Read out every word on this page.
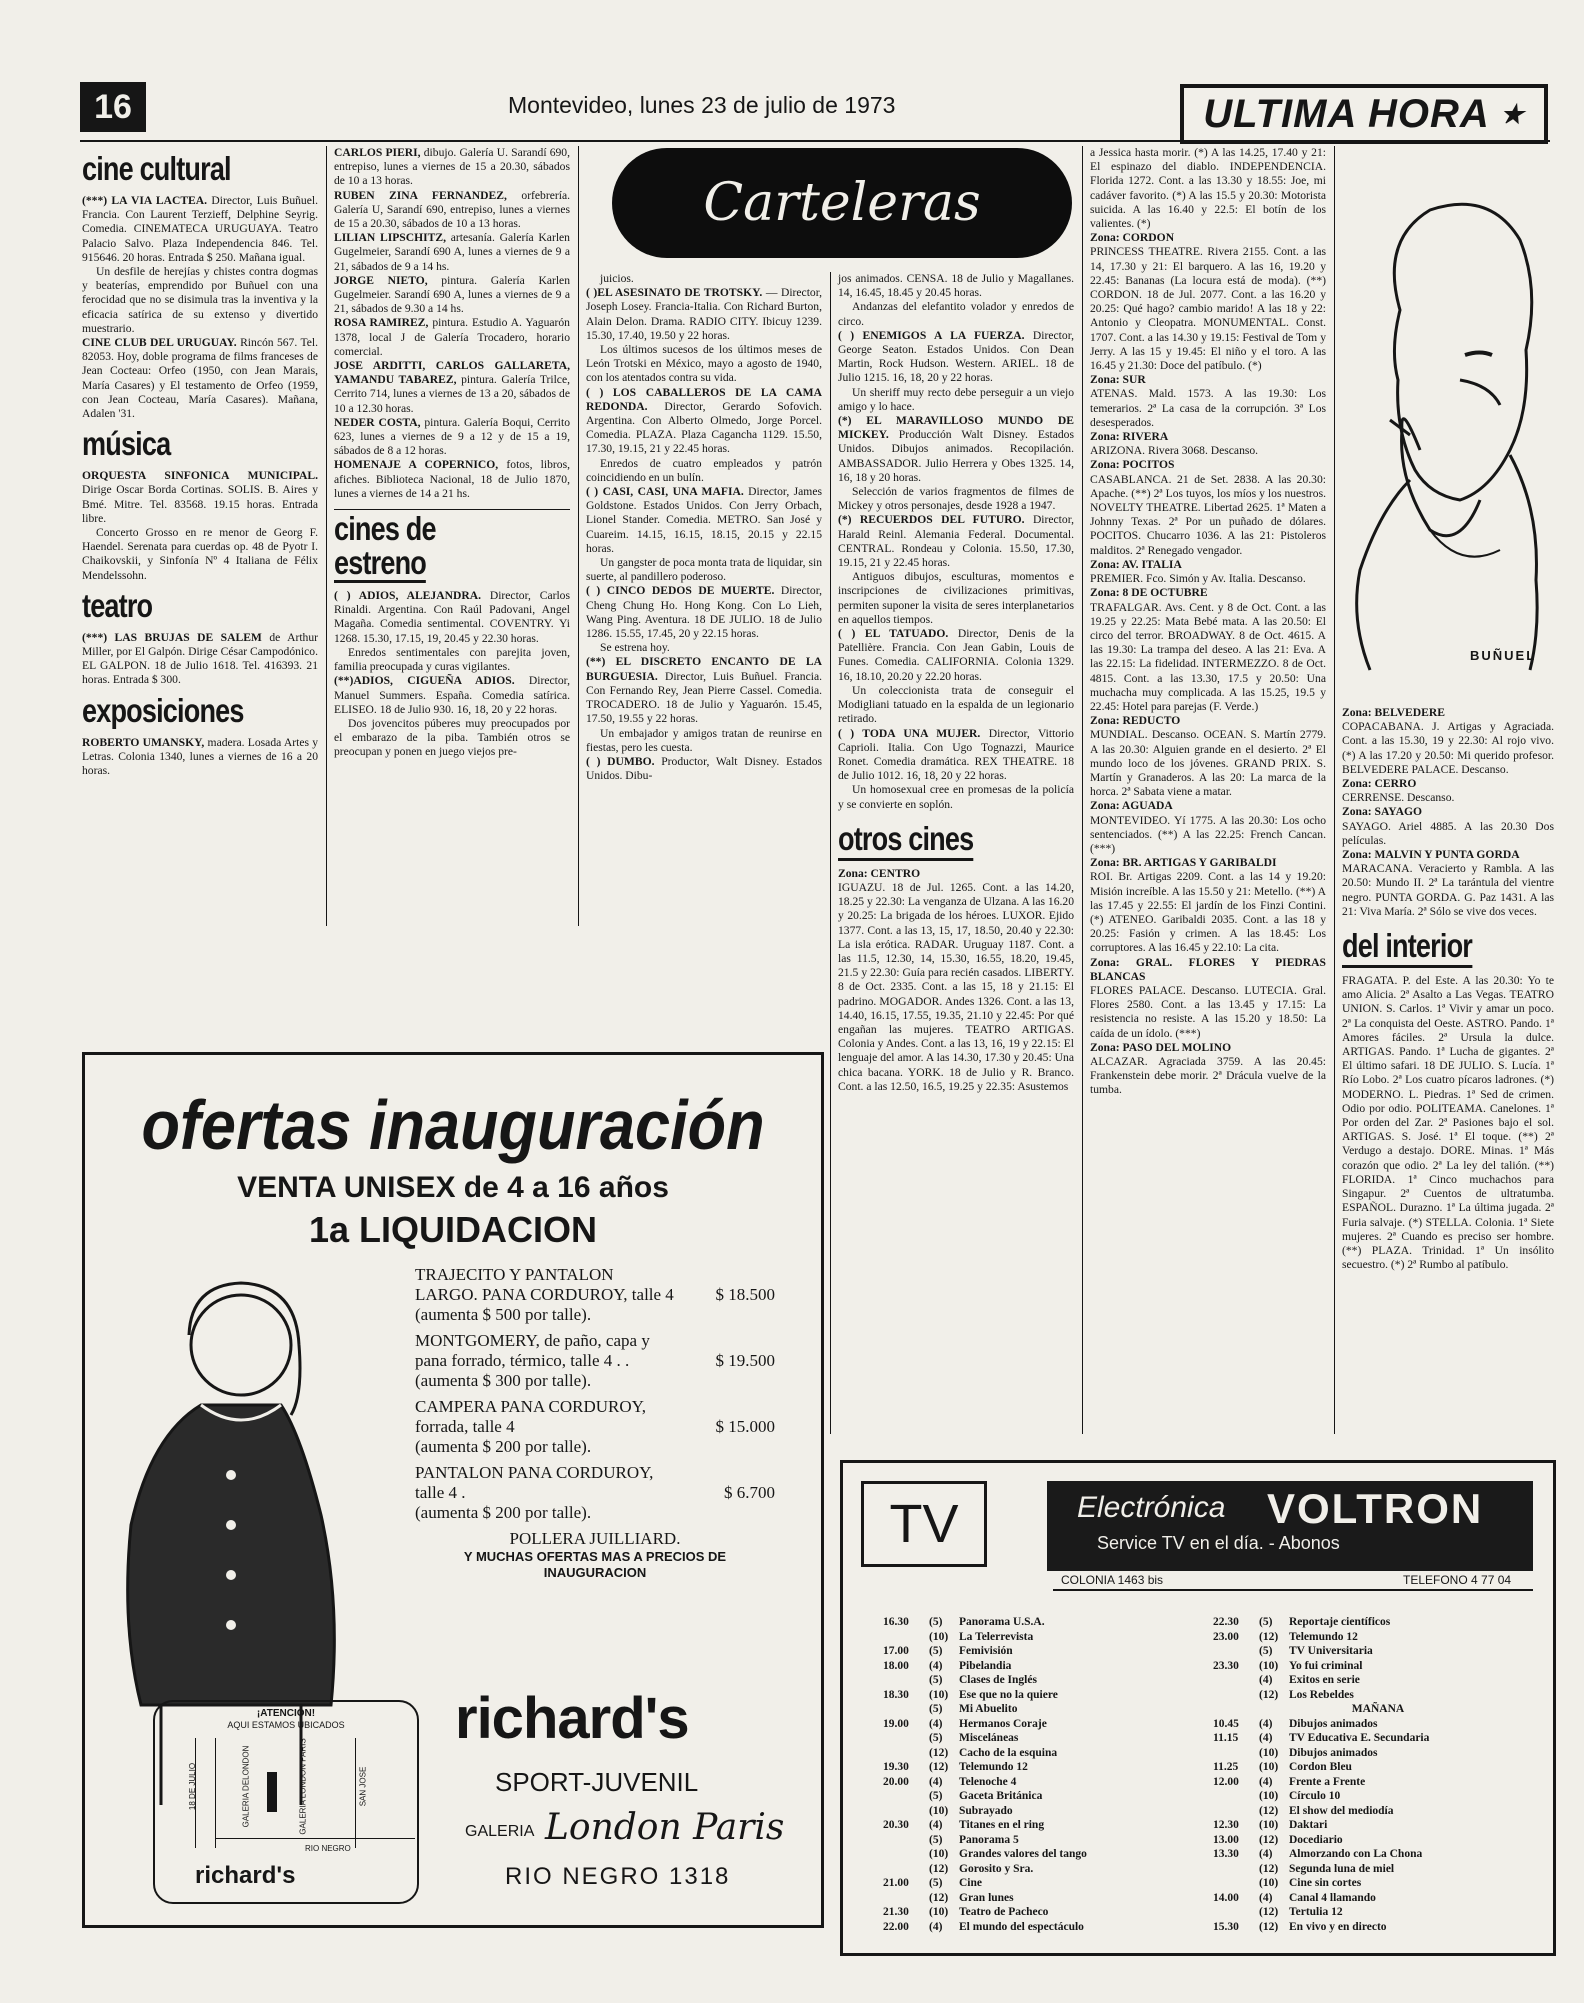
16	Montevideo, lunes 23 de julio de 1973	ULTIMA HORA ★
cine cultural

(***) LA VIA LACTEA. Director, Luis Buñuel. Francia. Con Laurent Terzieff, Delphine Seyrig. Comedia. CINEMATECA URUGUAYA. Teatro Palacio Salvo. Plaza Independencia 846. Tel. 915646. 20 horas. Entrada $ 250. Mañana igual.

Un desfile de herejías y chistes contra dogmas y beaterías, emprendido por Buñuel con una ferocidad que no se disimula tras la inventiva y la eficacia satírica de su extenso y divertido muestrario.

CINE CLUB DEL URUGUAY. Rincón 567. Tel. 82053. Hoy, doble programa de films franceses de Jean Cocteau: Orfeo (1950, con Jean Marais, María Casares) y El testamento de Orfeo (1959, con Jean Cocteau, María Casares). Mañana, Adalen '31.

música

ORQUESTA SINFONICA MUNICIPAL. Dirige Oscar Borda Cortinas. SOLIS. B. Aires y Bmé. Mitre. Tel. 83568. 19.15 horas. Entrada libre.

Concerto Grosso en re menor de Georg F. Haendel. Serenata para cuerdas op. 48 de Pyotr I. Chaikovskii, y Sinfonía Nº 4 Italiana de Félix Mendelssohn.

teatro

(***) LAS BRUJAS DE SALEM de Arthur Miller, por El Galpón. Dirige César Campodónico. EL GALPON. 18 de Julio 1618. Tel. 416393. 21 horas. Entrada $ 300.

exposiciones

ROBERTO UMANSKY, madera. Losada Artes y Letras. Colonia 1340, lunes a viernes de 16 a 20 horas.

CARLOS PIERI, dibujo. Galería U. Sarandí 690, entrepiso, lunes a viernes de 15 a 20.30, sábados de 10 a 13 horas.

RUBEN ZINA FERNANDEZ, orfebrería. Galería U, Sarandí 690, entrepiso, lunes a viernes de 15 a 20.30, sábados de 10 a 13 horas.

LILIAN LIPSCHITZ, artesanía. Galería Karlen Gugelmeier, Sarandí 690 A, lunes a viernes de 9 a 21, sábados de 9 a 14 hs.

JORGE NIETO, pintura. Galería Karlen Gugelmeier. Sarandí 690 A, lunes a viernes de 9 a 21, sábados de 9.30 a 14 hs.

ROSA RAMIREZ, pintura. Estudio A. Yaguarón 1378, local J de Galería Trocadero, horario comercial.

JOSE ARDITTI, CARLOS GALLARETA, YAMANDU TABAREZ, pintura. Galería Trilce, Cerrito 714, lunes a viernes de 13 a 20, sábados de 10 a 12.30 horas.

NEDER COSTA, pintura. Galería Boqui, Cerrito 623, lunes a viernes de 9 a 12 y de 15 a 19, sábados de 8 a 12 horas.

HOMENAJE A COPERNICO, fotos, libros, afiches. Biblioteca Nacional, 18 de Julio 1870, lunes a viernes de 14 a 21 hs.

cines de
estreno

( ) ADIOS, ALEJANDRA. Director, Carlos Rinaldi. Argentina. Con Raúl Padovani, Angel Magaña. Comedia sentimental. COVENTRY. Yi 1268. 15.30, 17.15, 19, 20.45 y 22.30 horas.

Enredos sentimentales con parejita joven, familia preocupada y curas vigilantes.

(**)ADIOS, CIGUEÑA ADIOS. Director, Manuel Summers. España. Comedia satírica. ELISEO. 18 de Julio 930. 16, 18, 20 y 22 horas.

Dos jovencitos púberes muy preocupados por el embarazo de la piba. También otros se preocupan y ponen en juego viejos pre-

Carteleras

juicios.

( )EL ASESINATO DE TROTSKY. — Director, Joseph Losey. Francia-Italia. Con Richard Burton, Alain Delon. Drama. RADIO CITY. Ibicuy 1239. 15.30, 17.40, 19.50 y 22 horas.

Los últimos sucesos de los últimos meses de León Trotski en México, mayo a agosto de 1940, con los atentados contra su vida.

( ) LOS CABALLEROS DE LA CAMA REDONDA. Director, Gerardo Sofovich. Argentina. Con Alberto Olmedo, Jorge Porcel. Comedia. PLAZA. Plaza Cagancha 1129. 15.50, 17.30, 19.15, 21 y 22.45 horas.

Enredos de cuatro empleados y patrón coincidiendo en un bulín.

( ) CASI, CASI, UNA MAFIA. Director, James Goldstone. Estados Unidos. Con Jerry Orbach, Lionel Stander. Comedia. METRO. San José y Cuareim. 14.15, 16.15, 18.15, 20.15 y 22.15 horas.

Un gangster de poca monta trata de liquidar, sin suerte, al pandillero poderoso.

( ) CINCO DEDOS DE MUERTE. Director, Cheng Chung Ho. Hong Kong. Con Lo Lieh, Wang Ping. Aventura. 18 DE JULIO. 18 de Julio 1286. 15.55, 17.45, 20 y 22.15 horas.

Se estrena hoy.

(**) EL DISCRETO ENCANTO DE LA BURGUESIA. Director, Luis Buñuel. Francia. Con Fernando Rey, Jean Pierre Cassel. Comedia. TROCADERO. 18 de Julio y Yaguarón. 15.45, 17.50, 19.55 y 22 horas.

Un embajador y amigos tratan de reunirse en fiestas, pero les cuesta.

( ) DUMBO. Productor, Walt Disney. Estados Unidos. Dibu-

jos animados. CENSA. 18 de Julio y Magallanes. 14, 16.45, 18.45 y 20.45 horas.

Andanzas del elefantito volador y enredos de circo.

( ) ENEMIGOS A LA FUERZA. Director, George Seaton. Estados Unidos. Con Dean Martin, Rock Hudson. Western. ARIEL. 18 de Julio 1215. 16, 18, 20 y 22 horas.

Un sheriff muy recto debe perseguir a un viejo amigo y lo hace.

(*) EL MARAVILLOSO MUNDO DE MICKEY. Producción Walt Disney. Estados Unidos. Dibujos animados. Recopilación. AMBASSADOR. Julio Herrera y Obes 1325. 14, 16, 18 y 20 horas.

Selección de varios fragmentos de filmes de Mickey y otros personajes, desde 1928 a 1947.

(*) RECUERDOS DEL FUTURO. Director, Harald Reinl. Alemania Federal. Documental. CENTRAL. Rondeau y Colonia. 15.50, 17.30, 19.15, 21 y 22.45 horas.

Antiguos dibujos, esculturas, momentos e inscripciones de civilizaciones primitivas, permiten suponer la visita de seres interplanetarios en aquellos tiempos.

( ) EL TATUADO. Director, Denis de la Patellière. Francia. Con Jean Gabin, Louis de Funes. Comedia. CALIFORNIA. Colonia 1329. 16, 18.10, 20.20 y 22.20 horas.

Un coleccionista trata de conseguir el Modigliani tatuado en la espalda de un legionario retirado.

( ) TODA UNA MUJER. Director, Vittorio Caprioli. Italia. Con Ugo Tognazzi, Maurice Ronet. Comedia dramática. REX THEATRE. 18 de Julio 1012. 16, 18, 20 y 22 horas.

Un homosexual cree en promesas de la policía y se convierte en soplón.

otros cines

Zona: CENTRO

IGUAZU. 18 de Jul. 1265. Cont. a las 14.20, 18.25 y 22.30: La venganza de Ulzana. A las 16.20 y 20.25: La brigada de los héroes. LUXOR. Ejido 1377. Cont. a las 13, 15, 17, 18.50, 20.40 y 22.30: La isla erótica. RADAR. Uruguay 1187. Cont. a las 11.5, 12.30, 14, 15.30, 16.55, 18.20, 19.45, 21.5 y 22.30: Guía para recién casados. LIBERTY. 8 de Oct. 2335. Cont. a las 15, 18 y 21.15: El padrino. MOGADOR. Andes 1326. Cont. a las 13, 14.40, 16.15, 17.55, 19.35, 21.10 y 22.45: Por qué engañan las mujeres. TEATRO ARTIGAS. Colonia y Andes. Cont. a las 13, 16, 19 y 22.15: El lenguaje del amor. A las 14.30, 17.30 y 20.45: Una chica bacana. YORK. 18 de Julio y R. Branco. Cont. a las 12.50, 16.5, 19.25 y 22.35: Asustemos

a Jessica hasta morir. (*) A las 14.25, 17.40 y 21: El espinazo del diablo. INDEPENDENCIA. Florida 1272. Cont. a las 13.30 y 18.55: Joe, mi cadáver favorito. (*) A las 15.5 y 20.30: Motorista suicida. A las 16.40 y 22.5: El botín de los valientes. (*)

Zona: CORDON

PRINCESS THEATRE. Rivera 2155. Cont. a las 14, 17.30 y 21: El barquero. A las 16, 19.20 y 22.45: Bananas (La locura está de moda). (**) CORDON. 18 de Jul. 2077. Cont. a las 16.20 y 20.25: Qué hago? cambio marido! A las 18 y 22: Antonio y Cleopatra. MONUMENTAL. Const. 1707. Cont. a las 14.30 y 19.15: Festival de Tom y Jerry. A las 15 y 19.45: El niño y el toro. A las 16.45 y 21.30: Doce del patíbulo. (*)

Zona: SUR

ATENAS. Mald. 1573. A las 19.30: Los temerarios. 2ª La casa de la corrupción. 3ª Los desesperados.

Zona: RIVERA

ARIZONA. Rivera 3068. Descanso.

Zona: POCITOS

CASABLANCA. 21 de Set. 2838. A las 20.30: Apache. (**) 2ª Los tuyos, los míos y los nuestros. NOVELTY THEATRE. Libertad 2625. 1ª Maten a Johnny Texas. 2ª Por un puñado de dólares. POCITOS. Chucarro 1036. A las 21: Pistoleros malditos. 2ª Renegado vengador.

Zona: AV. ITALIA

PREMIER. Fco. Simón y Av. Italia. Descanso.

Zona: 8 DE OCTUBRE

TRAFALGAR. Avs. Cent. y 8 de Oct. Cont. a las 19.25 y 22.25: Mata Bebé mata. A las 20.50: El circo del terror. BROADWAY. 8 de Oct. 4615. A las 19.30: La trampa del deseo. A las 21: Eva. A las 22.15: La fidelidad. INTERMEZZO. 8 de Oct. 4815. Cont. a las 13.30, 17.5 y 20.50: Una muchacha muy complicada. A las 15.25, 19.5 y 22.45: Hotel para parejas (F. Verde.)

Zona: REDUCTO

MUNDIAL. Descanso. OCEAN. S. Martín 2779. A las 20.30: Alguien grande en el desierto. 2ª El mundo loco de los jóvenes. GRAND PRIX. S. Martín y Granaderos. A las 20: La marca de la horca. 2ª Sabata viene a matar.

Zona: AGUADA

MONTEVIDEO. Yí 1775. A las 20.30: Los ocho sentenciados. (**) A las 22.25: French Cancan. (***)

Zona: BR. ARTIGAS Y GARIBALDI

ROI. Br. Artigas 2209. Cont. a las 14 y 19.20: Misión increíble. A las 15.50 y 21: Metello. (**) A las 17.45 y 22.55: El jardín de los Finzi Contini. (*) ATENEO. Garibaldi 2035. Cont. a las 18 y 20.25: Fasión y crimen. A las 18.45: Los corruptores. A las 16.45 y 22.10: La cita.

Zona: GRAL. FLORES Y PIEDRAS BLANCAS

FLORES PALACE. Descanso. LUTECIA. Gral. Flores 2580. Cont. a las 13.45 y 17.15: La resistencia no resiste. A las 15.20 y 18.50: La caída de un ídolo. (***)

Zona: PASO DEL MOLINO

ALCAZAR. Agraciada 3759. A las 20.45: Frankenstein debe morir. 2ª Drácula vuelve de la tumba.

BUÑUEL

Zona: BELVEDERE

COPACABANA. J. Artigas y Agraciada. Cont. a las 15.30, 19 y 22.30: Al rojo vivo. (*) A las 17.20 y 20.50: Mi querido profesor. BELVEDERE PALACE. Descanso.

Zona: CERRO

CERRENSE. Descanso.

Zona: SAYAGO

SAYAGO. Ariel 4885. A las 20.30 Dos películas.

Zona: MALVIN Y PUNTA GORDA

MARACANA. Veracierto y Rambla. A las 20.50: Mundo II. 2ª La tarántula del vientre negro. PUNTA GORDA. G. Paz 1431. A las 21: Viva María. 2ª Sólo se vive dos veces.

del interior

FRAGATA. P. del Este. A las 20.30: Yo te amo Alicia. 2ª Asalto a Las Vegas. TEATRO UNION. S. Carlos. 1ª Vivir y amar un poco. 2ª La conquista del Oeste. ASTRO. Pando. 1ª Amores fáciles. 2ª Ursula la dulce. ARTIGAS. Pando. 1ª Lucha de gigantes. 2ª El último safari. 18 DE JULIO. S. Lucía. 1ª Río Lobo. 2ª Los cuatro pícaros ladrones. (*) MODERNO. L. Piedras. 1ª Sed de crimen. Odio por odio. POLITEAMA. Canelones. 1ª Por orden del Zar. 2ª Pasiones bajo el sol. ARTIGAS. S. José. 1ª El toque. (**) 2ª Verdugo a destajo. DORE. Minas. 1ª Más corazón que odio. 2ª La ley del talión. (**) FLORIDA. 1ª Cinco muchachos para Singapur. 2ª Cuentos de ultratumba. ESPAÑOL. Durazno. 1ª La última jugada. 2ª Furia salvaje. (*) STELLA. Colonia. 1ª Siete mujeres. 2ª Cuando es preciso ser hombre. (**) PLAZA. Trinidad. 1ª Un insólito secuestro. (*) 2ª Rumbo al patíbulo.

ofertas inauguración
VENTA UNISEX de 4 a 16 años
1a LIQUIDACION
TRAJECITO Y PANTALON LARGO. PANA CORDUROY, talle 4 $ 18.500
(aumenta $ 500 por talle).
MONTGOMERY, de paño, capa y pana forrado, térmico, talle 4 . .	$ 19.500
(aumenta $ 300 por talle).
CAMPERA PANA CORDUROY, forrada, talle 4	$ 15.000
(aumenta $ 200 por talle).
PANTALON PANA CORDUROY, talle 4 .	$ 6.700
(aumenta $ 200 por talle).
POLLERA JUILLIARD.
Y MUCHAS OFERTAS MAS A PRECIOS DE INAUGURACION
¡ATENCION!
AQUI ESTAMOS UBICADOS
18 DE JULIO	GALERIA DELONDON	GALERIA LONDON PARIS	SAN JOSE
RIO NEGRO
richard's
richard's
SPORT-JUVENIL
GALERIA London Paris
RIO NEGRO 1318
TV	Electrónica VOLTRON
Service TV en el día. - Abonos
COLONIA 1463 bis	TELEFONO 4 77 04
16.30	(5)	Panorama U.S.A.
(10) La Telerrevista
17.00	(5)	Femivisión
18.00	(4)	Pibelandia
(5)	Clases de Inglés
18.30	(10) Ese que no la quiere
(5)	Mi Abuelito
19.00	(4)	Hermanos Coraje
(5)	Misceláneas
(12) Cacho de la esquina
19.30	(12) Telemundo 12
20.00	(4)	Telenoche 4
(5)	Gaceta Británica
(10) Subrayado
20.30	(4)	Titanes en el ring
(5)	Panorama 5
(10) Grandes valores del tango
(12) Gorosito y Sra.
21.00	(5)	Cine
(12) Gran lunes
21.30	(10) Teatro de Pacheco
22.00	(4)	El mundo del espectáculo
22.30	(5)	Reportaje científicos
23.00	(12) Telemundo 12
(5)	TV Universitaria
23.30	(10) Yo fui criminal
(4)	Exitos en serie
(12) Los Rebeldes
MAÑANA
10.45	(4)	Dibujos animados
11.15	(4)	TV Educativa E. Secundaria
(10) Dibujos animados
11.25	(10) Cordon Bleu
12.00	(4)	Frente a Frente
(10) Círculo 10
(12) El show del mediodía
12.30	(10) Daktari
13.00	(12) Docediario
13.30	(4)	Almorzando con La Chona
(12) Segunda luna de miel
(10) Cine sin cortes
14.00	(4)	Canal 4 llamando
(12) Tertulia 12
15.30	(12) En vivo y en directo
